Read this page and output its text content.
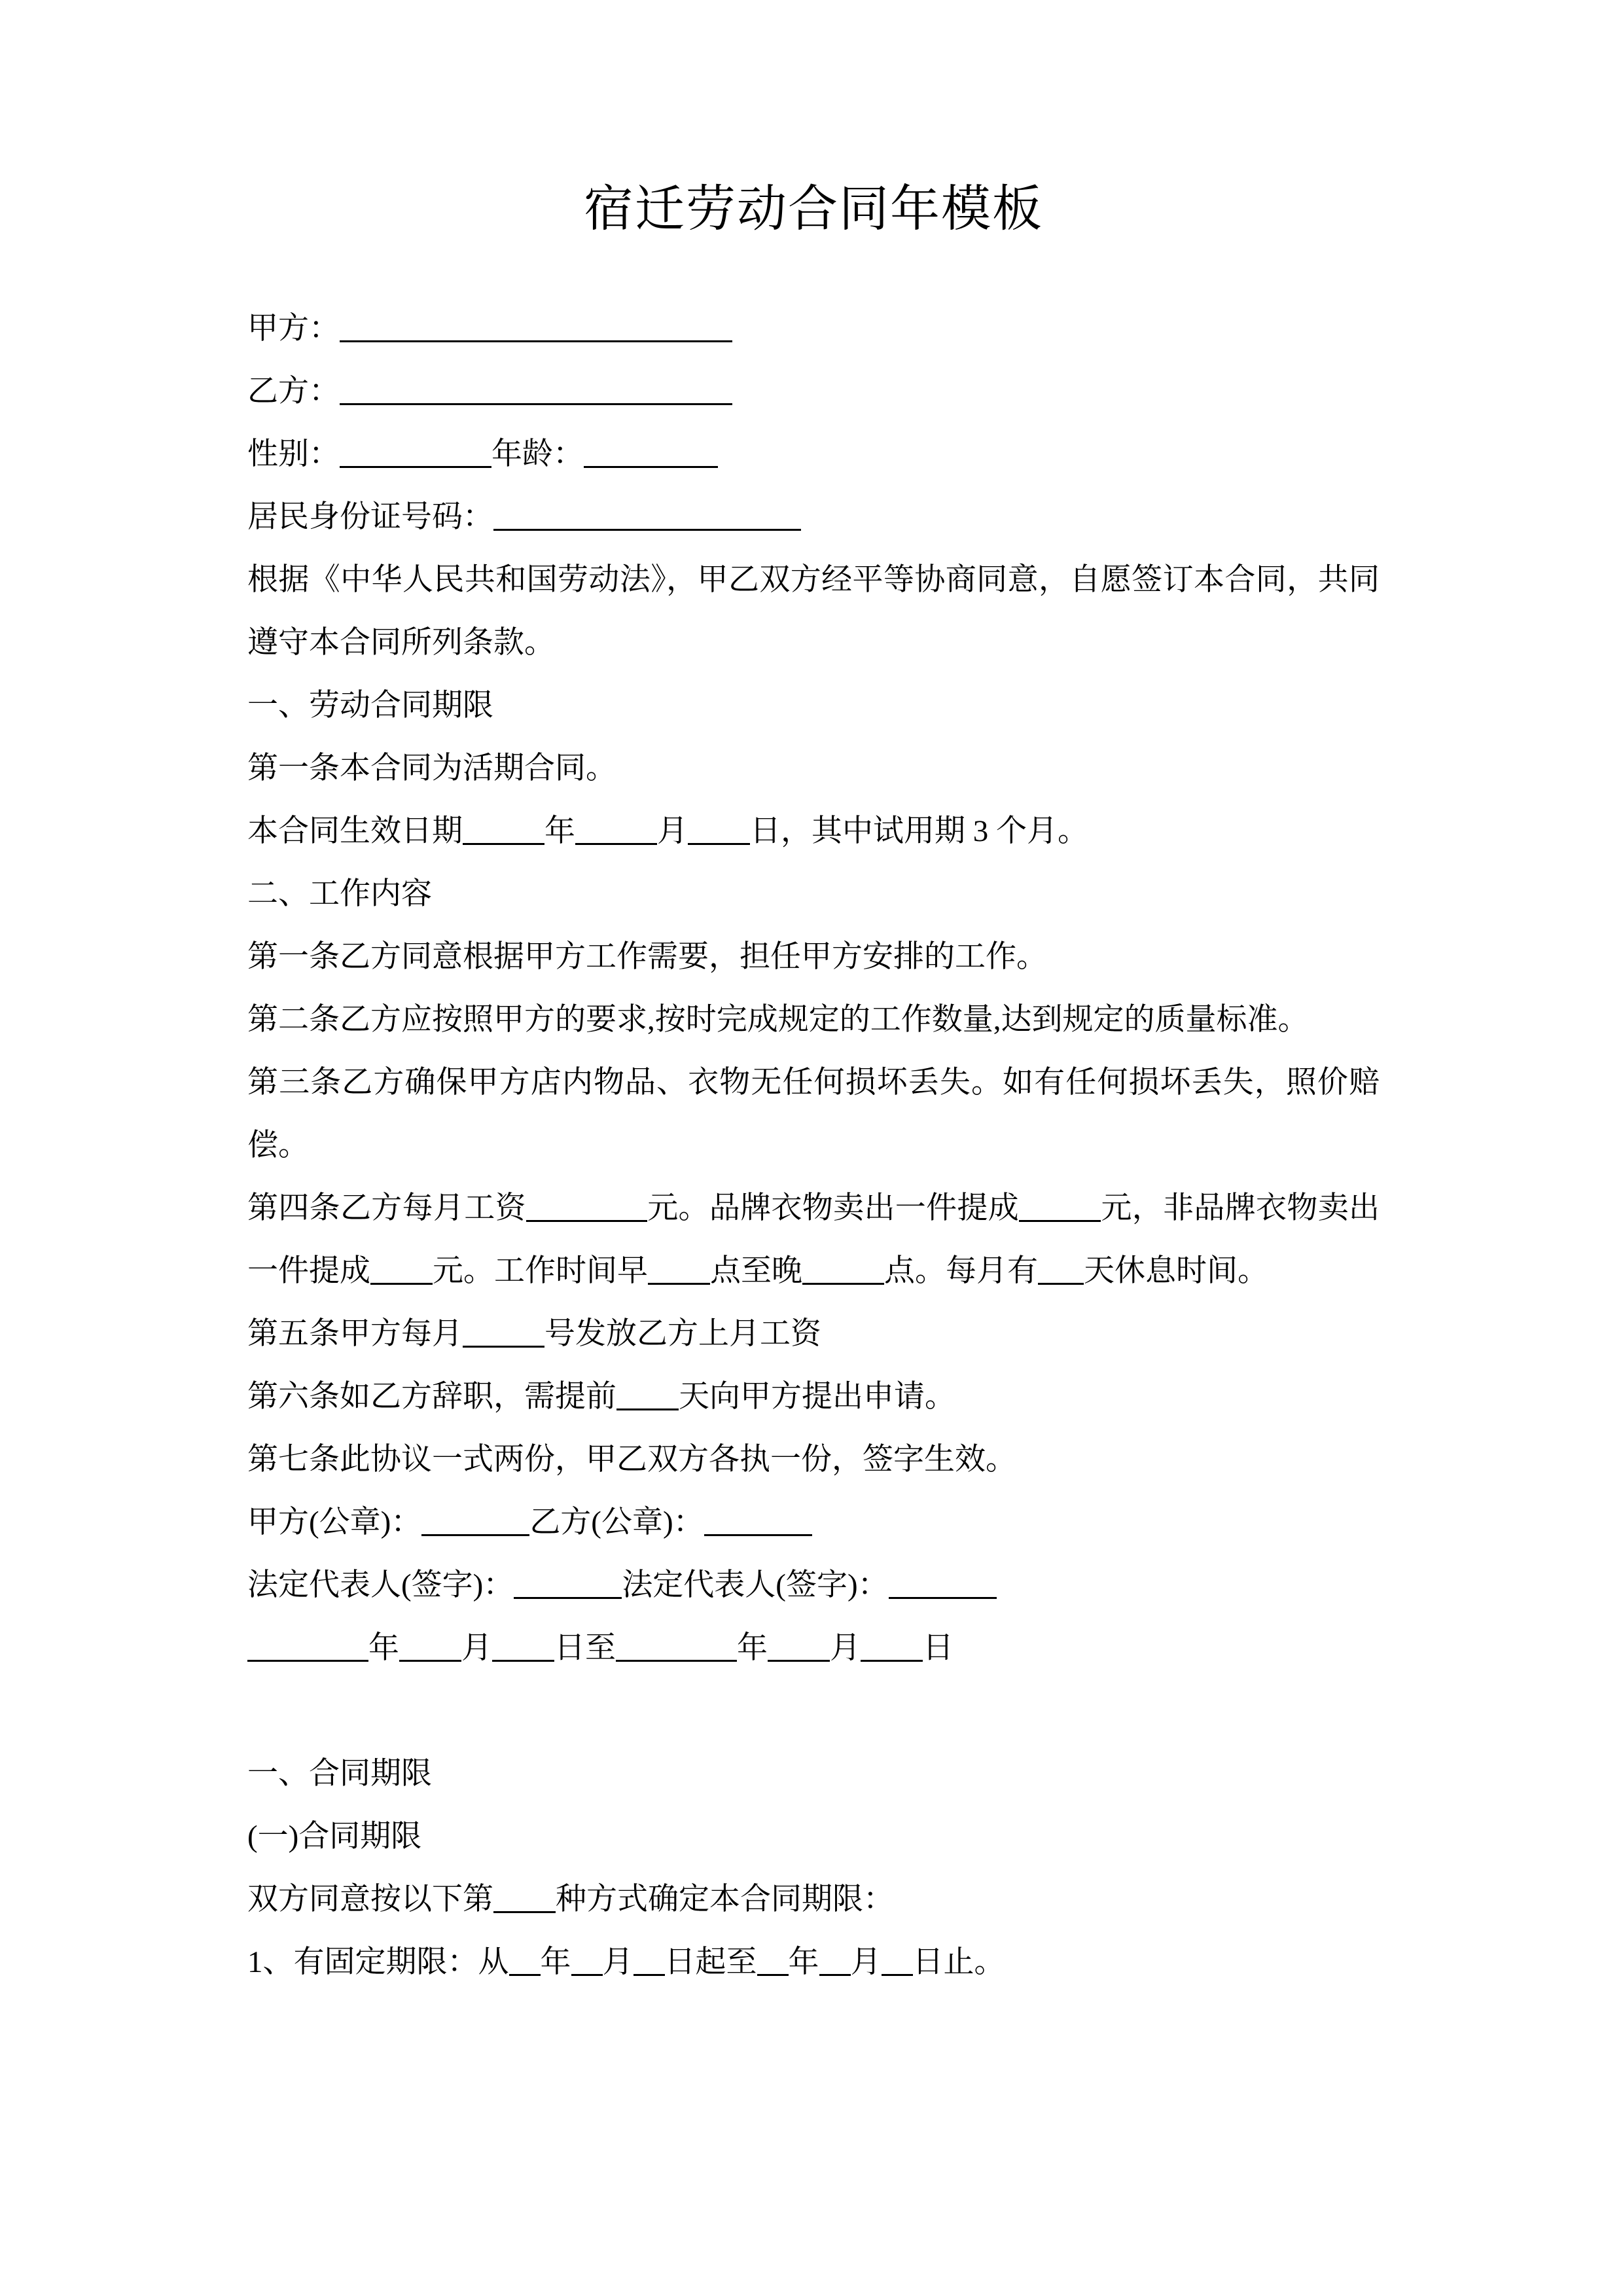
宿迁劳动合同年模板

甲方：

乙方：

性别：	年龄：

居民身份证号码：

根据《中华人民共和国劳动法》，甲乙双方经平等协商同意，自愿签订本合同，共同遵守本合同所列条款。

一、劳动合同期限

第一条本合同为活期合同。

本合同生效日期	年	月 日，其中试用期 3 个月。

二、工作内容

第一条乙方同意根据甲方工作需要，担任甲方安排的工作。

第二条乙方应按照甲方的要求,按时完成规定的工作数量,达到规定的质量标准。

第三条乙方确保甲方店内物品、衣物无任何损坏丢失。如有任何损坏丢失，照价赔偿。

第四条乙方每月工资	元。品牌衣物卖出一件提成	元，非品牌衣物卖出一件提成 元。工作时间早 点至晚	点。每月有 天休息时间。

第五条甲方每月	号发放乙方上月工资

第六条如乙方辞职，需提前 天向甲方提出申请。

第七条此协议一式两份，甲乙双方各执一份，签字生效。

甲方(公章)：	乙方(公章)：

法定代表人(签字)：	法定代表人(签字)：

年 月 日至	年 月 日

一、合同期限

(一)合同期限

双方同意按以下第 种方式确定本合同期限：

1、有固定期限：从 年 月 日起至 年 月 日止。
